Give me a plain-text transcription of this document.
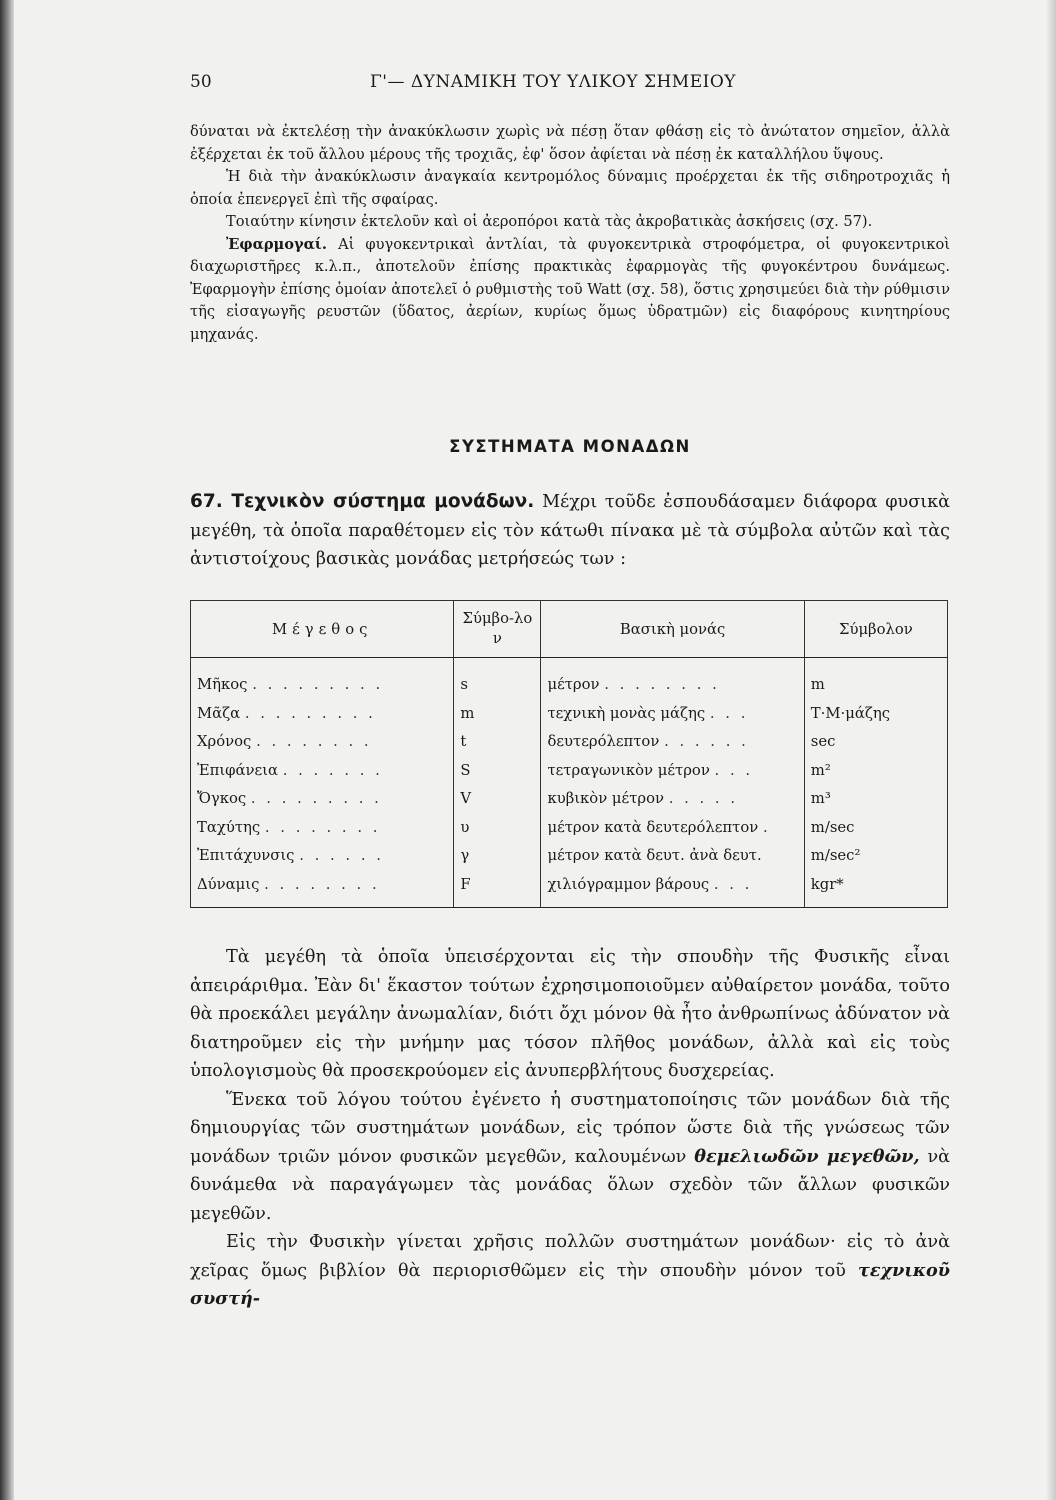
50	Γ'— ΔΥΝΑΜΙΚΗ ΤΟΥ ΥΛΙΚΟΥ ΣΗΜΕΙΟΥ

δύναται νὰ ἐκτελέσῃ τὴν ἀνακύκλωσιν χωρὶς νὰ πέσῃ ὅταν φθάσῃ εἰς τὸ ἀνώτατον σημεῖον, ἀλλὰ ἐξέρχεται ἐκ τοῦ ἄλλου μέρους τῆς τροχιᾶς, ἐφ' ὅσον ἀφίεται νὰ πέσῃ ἐκ καταλλήλου ὕψους.

Ἡ διὰ τὴν ἀνακύκλωσιν ἀναγκαία κεντρομόλος δύναμις προέρχεται ἐκ τῆς σιδηροτροχιᾶς ἡ ὁποία ἐπενεργεῖ ἐπὶ τῆς σφαίρας.

Τοιαύτην κίνησιν ἐκτελοῦν καὶ οἱ ἀεροπόροι κατὰ τὰς ἀκροβατικὰς ἀσκήσεις (σχ. 57).

Ἐφαρμογαί. Αἱ φυγοκεντρικαὶ ἀντλίαι, τὰ φυγοκεντρικὰ στροφόμετρα, οἱ φυγοκεντρικοὶ διαχωριστῆρες κ.λ.π., ἀποτελοῦν ἐπίσης πρακτικὰς ἐφαρμογὰς τῆς φυγοκέντρου δυνάμεως. Ἐφαρμογὴν ἐπίσης ὁμοίαν ἀποτελεῖ ὁ ρυθμιστὴς τοῦ Watt (σχ. 58), ὅστις χρησιμεύει διὰ τὴν ρύθμισιν τῆς εἰσαγωγῆς ρευστῶν (ὕδατος, ἀερίων, κυρίως ὅμως ὑδρατμῶν) εἰς διαφόρους κινητηρίους μηχανάς.

ΣΥΣΤΗΜΑΤΑ ΜΟΝΑΔΩΝ

67. Τεχνικὸν σύστημα μονάδων. Μέχρι τοῦδε ἐσπουδάσαμεν διάφορα φυσικὰ μεγέθη, τὰ ὁποῖα παραθέτομεν εἰς τὸν κάτωθι πίνακα μὲ τὰ σύμβολα αὐτῶν καὶ τὰς ἀντιστοίχους βασικὰς μονάδας μετρήσεώς των :

Μέγεθος	Σύμβο-λον	Βασικὴ μονάς	Σύμβολον
Μῆκος . . . . . . . . .	s	μέτρον . . . . . . . .	m
Μᾶζα . . . . . . . . .	m	τεχνικὴ μονὰς μάζης . . .	T·M·μάζης
Χρόνος . . . . . . . .	t	δευτερόλεπτον . . . . . .	sec
Ἐπιφάνεια . . . . . . .	S	τετραγωνικὸν μέτρον . . .	m²
Ὄγκος . . . . . . . . .	V	κυβικὸν μέτρον . . . . .	m³
Ταχύτης . . . . . . . .	υ	μέτρον κατὰ δευτερόλεπτον .	m/sec
Ἐπιτάχυνσις . . . . . .	γ	μέτρον κατὰ δευτ. ἀνὰ δευτ.	m/sec²
Δύναμις . . . . . . . .	F	χιλιόγραμμον βάρους . . .	kgr*

Τὰ μεγέθη τὰ ὁποῖα ὑπεισέρχονται εἰς τὴν σπουδὴν τῆς Φυσικῆς εἶναι ἀπειράριθμα. Ἐὰν δι' ἕκαστον τούτων ἐχρησιμοποιοῦμεν αὐθαίρετον μονάδα, τοῦτο θὰ προεκάλει μεγάλην ἀνωμαλίαν, διότι ὄχι μόνον θὰ ἦτο ἀνθρωπίνως ἀδύνατον νὰ διατηροῦμεν εἰς τὴν μνήμην μας τόσον πλῆθος μονάδων, ἀλλὰ καὶ εἰς τοὺς ὑπολογισμοὺς θὰ προσεκρούομεν εἰς ἀνυπερβλήτους δυσχερείας.

Ἕνεκα τοῦ λόγου τούτου ἐγένετο ἡ συστηματοποίησις τῶν μονάδων διὰ τῆς δημιουργίας τῶν συστημάτων μονάδων, εἰς τρόπον ὥστε διὰ τῆς γνώσεως τῶν μονάδων τριῶν μόνον φυσικῶν μεγεθῶν, καλουμένων θεμελιωδῶν μεγεθῶν, νὰ δυνάμεθα νὰ παραγάγωμεν τὰς μονάδας ὅλων σχεδὸν τῶν ἄλλων φυσικῶν μεγεθῶν.

Εἰς τὴν Φυσικὴν γίνεται χρῆσις πολλῶν συστημάτων μονάδων· εἰς τὸ ἀνὰ χεῖρας ὅμως βιβλίον θὰ περιορισθῶμεν εἰς τὴν σπουδὴν μόνον τοῦ τεχνικοῦ συστή-
